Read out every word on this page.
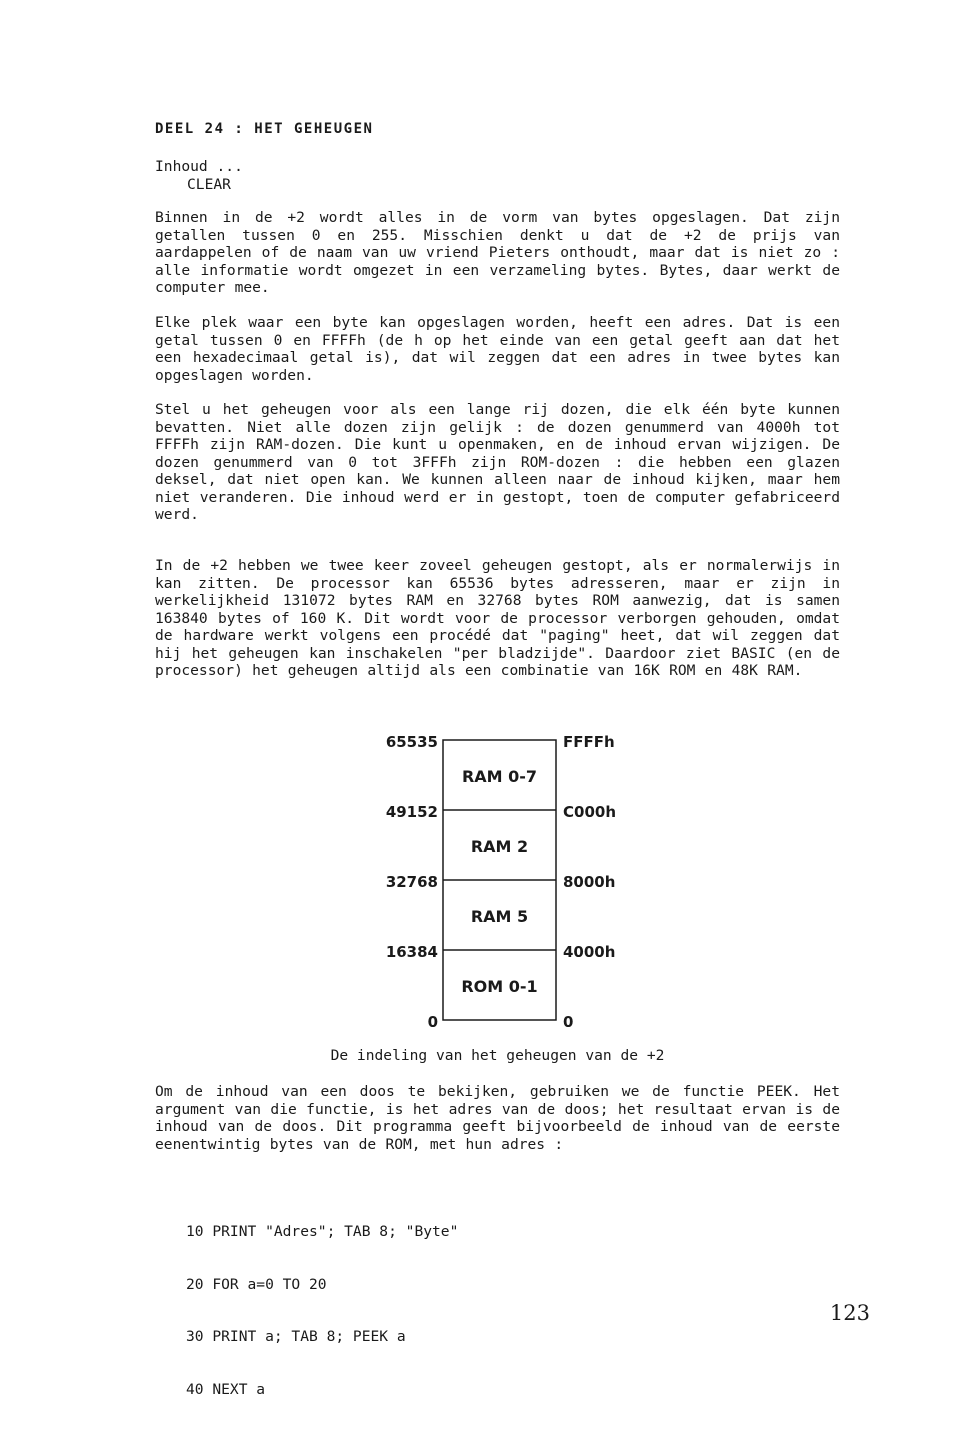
DEEL 24 : HET GEHEUGEN
Inhoud ...
CLEAR
Binnen in de +2 wordt alles in de vorm van bytes opgeslagen. Dat zijn getallen tussen 0 en 255. Misschien denkt u dat de +2 de prijs van aardappelen of de naam van uw vriend Pieters onthoudt, maar dat is niet zo : alle informatie wordt omgezet in een verzameling bytes. Bytes, daar werkt de computer mee.
Elke plek waar een byte kan opgeslagen worden, heeft een adres. Dat is een getal tussen 0 en FFFFh (de h op het einde van een getal geeft aan dat het een hexadecimaal getal is), dat wil zeggen dat een adres in twee bytes kan opgeslagen worden.
Stel u het geheugen voor als een lange rij dozen, die elk één byte kunnen bevatten. Niet alle dozen zijn gelijk : de dozen genummerd van 4000h tot FFFFh zijn RAM-dozen. Die kunt u openmaken, en de inhoud ervan wijzigen. De dozen genummerd van 0 tot 3FFFh zijn ROM-dozen : die hebben een glazen deksel, dat niet open kan. We kunnen alleen naar de inhoud kijken, maar hem niet veranderen. Die inhoud werd er in gestopt, toen de computer gefabriceerd werd.
In de +2 hebben we twee keer zoveel geheugen gestopt, als er normalerwijs in kan zitten. De processor kan 65536 bytes adresseren, maar er zijn in werkelijkheid 131072 bytes RAM en 32768 bytes ROM aanwezig, dat is samen 163840 bytes of 160 K. Dit wordt voor de processor verborgen gehouden, omdat de hardware werkt volgens een procédé dat "paging" heet, dat wil zeggen dat hij het geheugen kan inschakelen "per bladzijde". Daardoor ziet BASIC (en de processor) het geheugen altijd als een combinatie van 16K ROM en 48K RAM.
65535
49152
32768
16384
0
FFFFh
C000h
8000h
4000h
0
RAM 0-7
RAM 2
RAM 5
ROM 0-1
De indeling van het geheugen van de +2
Om de inhoud van een doos te bekijken, gebruiken we de functie PEEK. Het argument van die functie, is het adres van de doos; het resultaat ervan is de inhoud van de doos. Dit programma geeft bijvoorbeeld de inhoud van de eerste eenentwintig bytes van de ROM, met hun adres :

10 PRINT "Adres"; TAB 8; "Byte"

20 FOR a=0 TO 20

30 PRINT a; TAB 8; PEEK a

40 NEXT a

123
